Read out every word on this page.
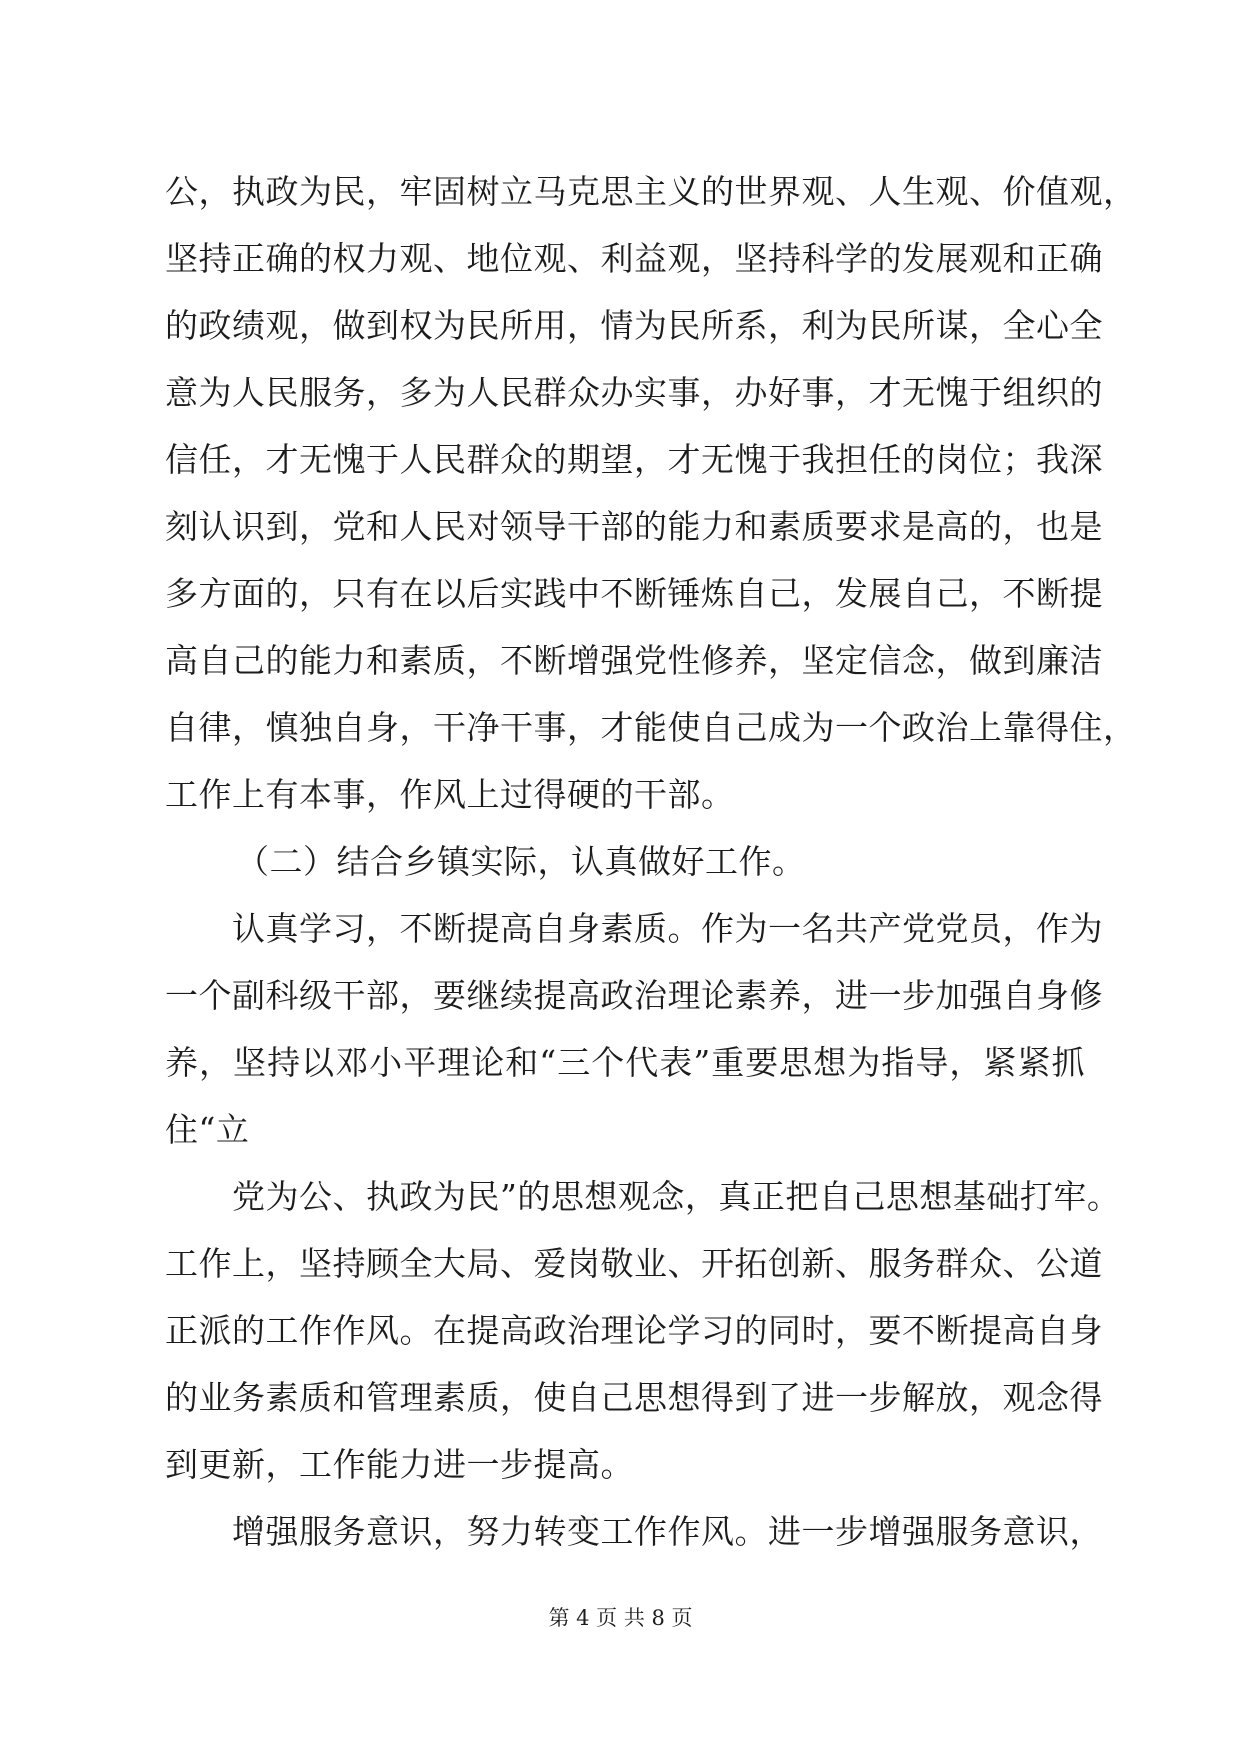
公，执政为民，牢固树立马克思主义的世界观、人生观、价值观，
坚持正确的权力观、地位观、利益观，坚持科学的发展观和正确
的政绩观，做到权为民所用，情为民所系，利为民所谋，全心全
意为人民服务，多为人民群众办实事，办好事，才无愧于组织的
信任，才无愧于人民群众的期望，才无愧于我担任的岗位；我深
刻认识到，党和人民对领导干部的能力和素质要求是高的，也是
多方面的，只有在以后实践中不断锤炼自己，发展自己，不断提
高自己的能力和素质，不断增强党性修养，坚定信念，做到廉洁
自律，慎独自身，干净干事，才能使自己成为一个政治上靠得住，
工作上有本事，作风上过得硬的干部。
（二）结合乡镇实际，认真做好工作。
认真学习，不断提高自身素质。作为一名共产党党员，作为
一个副科级干部，要继续提高政治理论素养，进一步加强自身修
养，坚持以邓小平理论和“三个代表”重要思想为指导，紧紧抓
住“立
党为公、执政为民”的思想观念，真正把自己思想基础打牢。
工作上，坚持顾全大局、爱岗敬业、开拓创新、服务群众、公道
正派的工作作风。在提高政治理论学习的同时，要不断提高自身
的业务素质和管理素质，使自己思想得到了进一步解放，观念得
到更新，工作能力进一步提高。
增强服务意识，努力转变工作作风。进一步增强服务意识，
第 4 页 共 8 页
